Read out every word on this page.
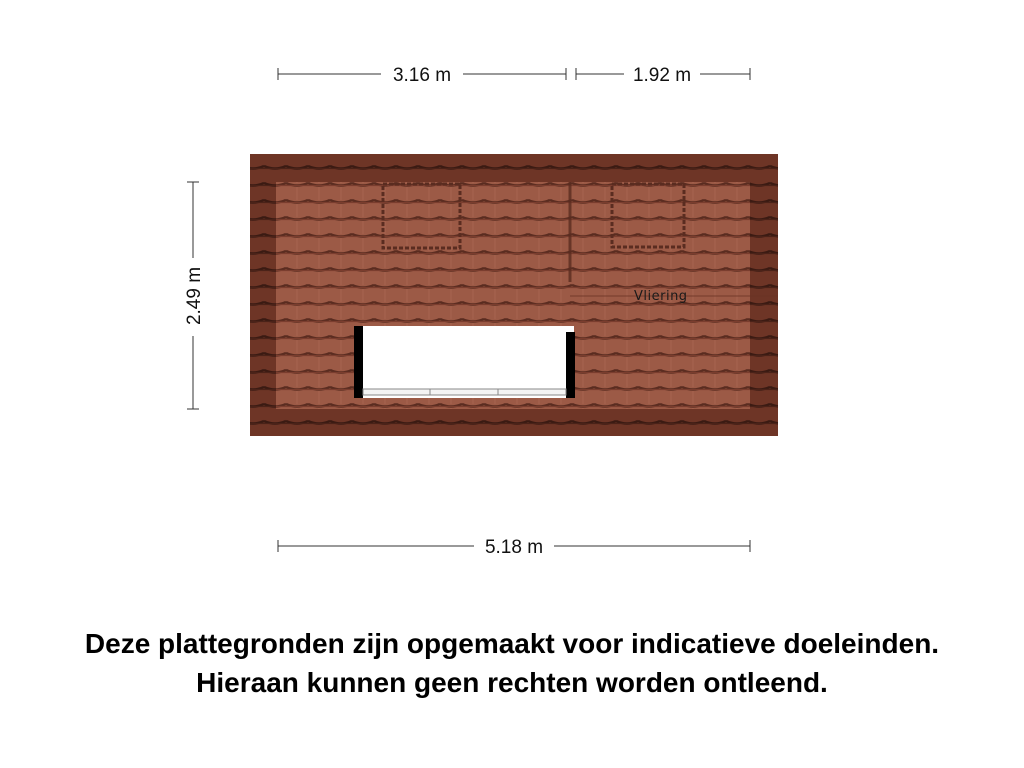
3.16 m	1.92 m
2.49 m	Vliering
5.18 m
Deze plattegronden zijn opgemaakt voor indicatieve doeleinden.
Hieraan kunnen geen rechten worden ontleend.
